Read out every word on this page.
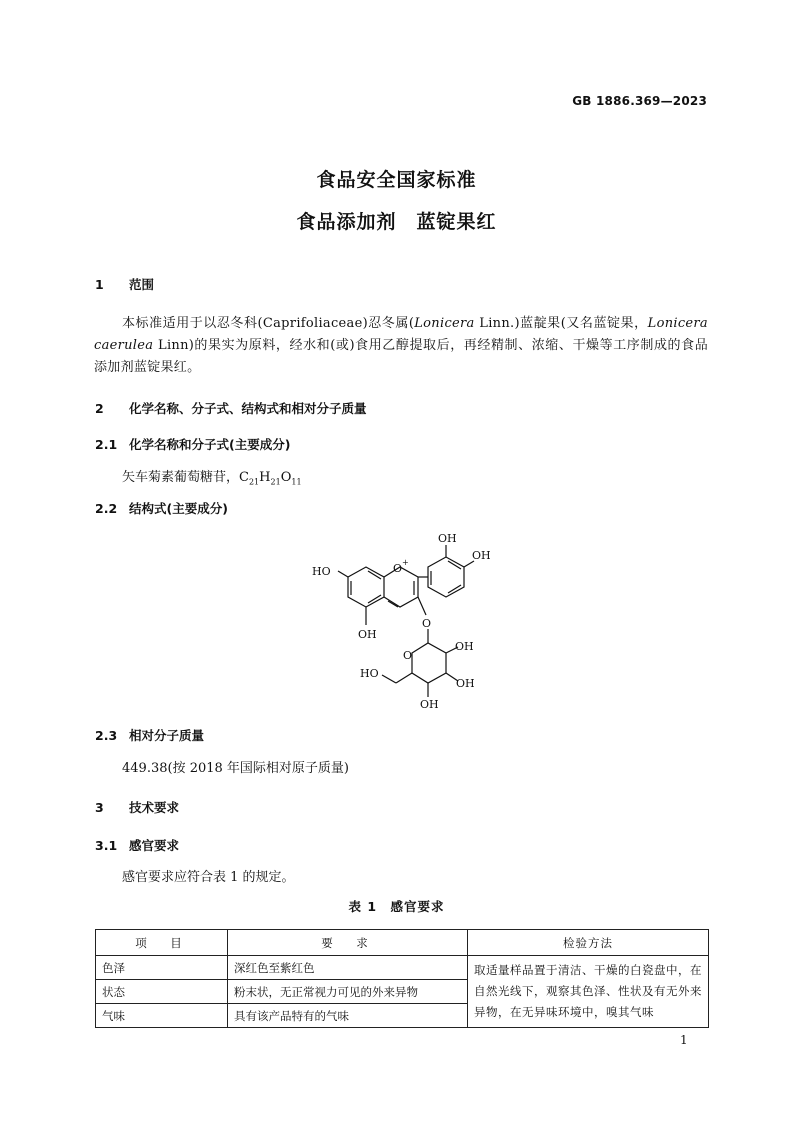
GB 1886.369—2023
食品安全国家标准
食品添加剂　蓝锭果红
1 范围
本标准适用于以忍冬科(Caprifoliaceae)忍冬属(Lonicera Linn.)蓝靛果(又名蓝锭果，Lonicera caerulea Linn)的果实为原料，经水和(或)食用乙醇提取后，再经精制、浓缩、干燥等工序制成的食品添加剂蓝锭果红。
2 化学名称、分子式、结构式和相对分子质量
2.1 化学名称和分子式(主要成分)
矢车菊素葡萄糖苷，$C_{21}H_{21}O_{11}$
2.2 结构式(主要成分)
HO	O +
OH
OH
OH
O
O
HO
OH
OH
OH
2.3 相对分子质量
449.38(按 2018 年国际相对原子质量)
3 技术要求
3.1 感官要求
感官要求应符合表 1 的规定。
表 1　感官要求
项　目	要　求	检验方法
色泽	深红色至紫红色	取适量样品置于清洁、干燥的白瓷盘中，在自然光线下，观察其色泽、性状及有无外来异物，在无异味环境中，嗅其气味
状态	粉末状，无正常视力可见的外来异物	
气味	具有该产品特有的气味	
1
